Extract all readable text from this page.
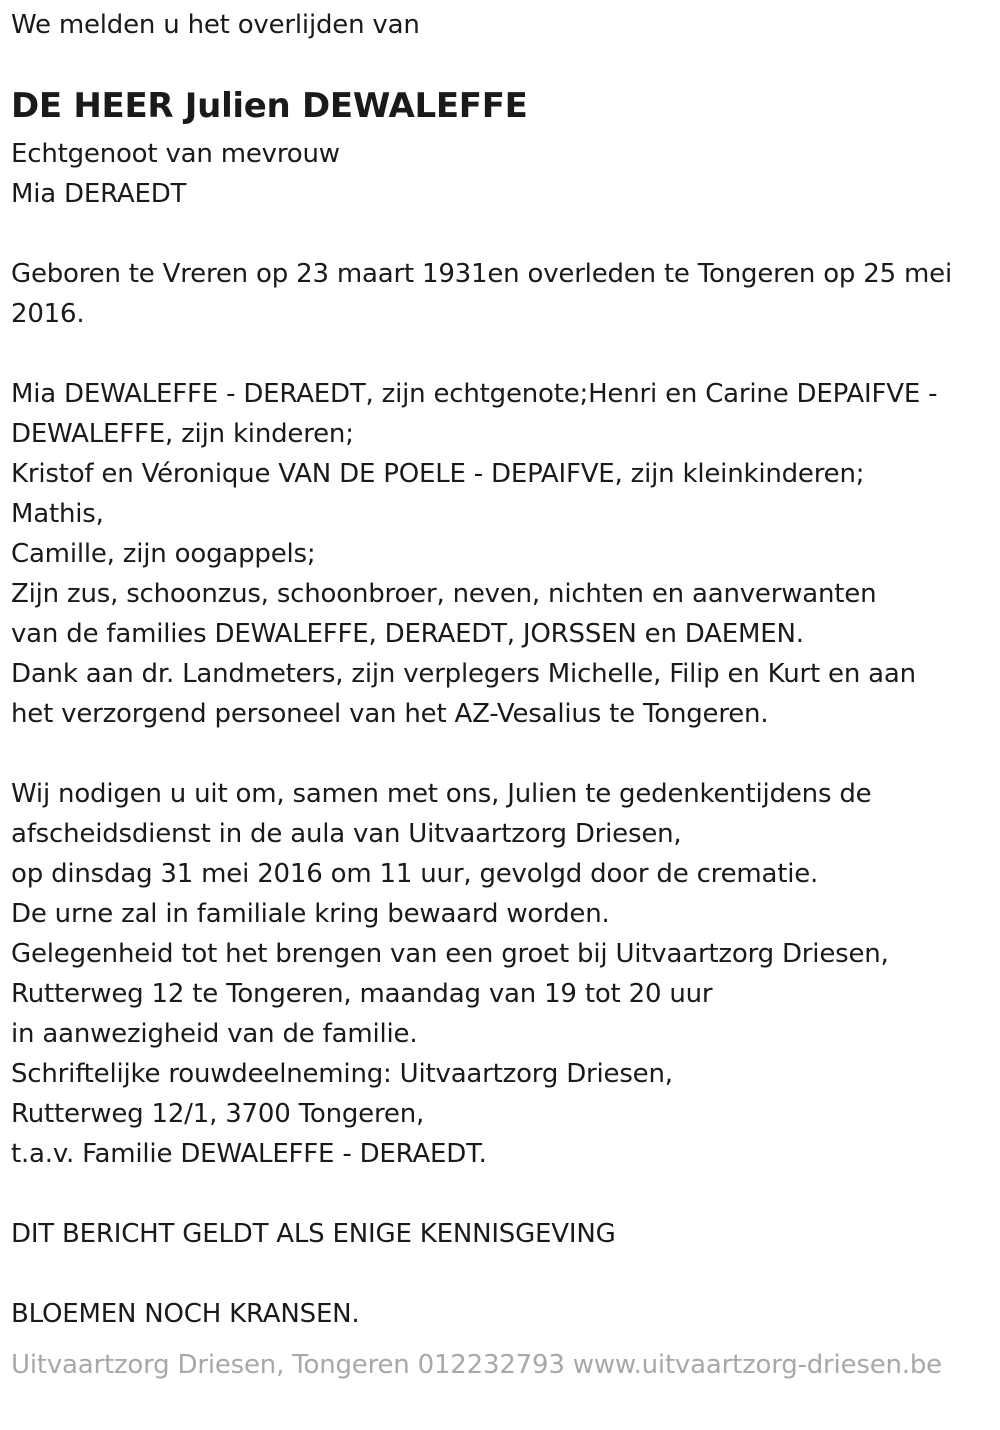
We melden u het overlijden van
DE HEER Julien DEWALEFFE
Echtgenoot van mevrouw
Mia DERAEDT
Geboren te Vreren op 23 maart 1931en overleden te Tongeren op 25 mei
2016.
Mia DEWALEFFE - DERAEDT, zijn echtgenote;Henri en Carine DEPAIFVE -
DEWALEFFE, zijn kinderen;
Kristof en Véronique VAN DE POELE - DEPAIFVE, zijn kleinkinderen;
Mathis,
Camille, zijn oogappels;
Zijn zus, schoonzus, schoonbroer, neven, nichten en aanverwanten
van de families DEWALEFFE, DERAEDT, JORSSEN en DAEMEN.
Dank aan dr. Landmeters, zijn verplegers Michelle, Filip en Kurt en aan
het verzorgend personeel van het AZ-Vesalius te Tongeren.
Wij nodigen u uit om, samen met ons, Julien te gedenkentijdens de
afscheidsdienst in de aula van Uitvaartzorg Driesen,
op dinsdag 31 mei 2016 om 11 uur, gevolgd door de crematie.
De urne zal in familiale kring bewaard worden.
Gelegenheid tot het brengen van een groet bij Uitvaartzorg Driesen,
Rutterweg 12 te Tongeren, maandag van 19 tot 20 uur
in aanwezigheid van de familie.
Schriftelijke rouwdeelneming: Uitvaartzorg Driesen,
Rutterweg 12/1, 3700 Tongeren,
t.a.v. Familie DEWALEFFE - DERAEDT.
DIT BERICHT GELDT ALS ENIGE KENNISGEVING
BLOEMEN NOCH KRANSEN.
Uitvaartzorg Driesen, Tongeren 012232793 www.uitvaartzorg-driesen.be
